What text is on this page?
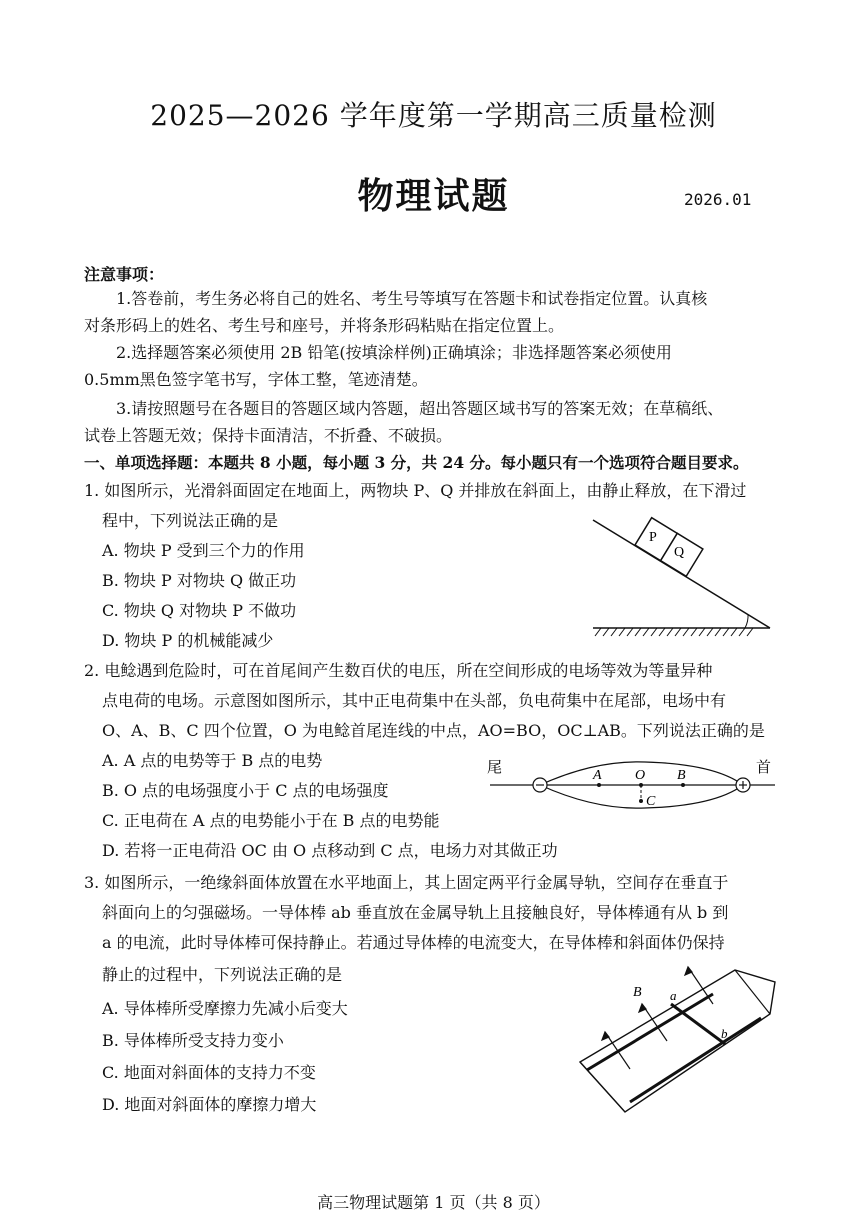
2025—2026 学年度第一学期高三质量检测
物理试题	2026.01
注意事项：
1.答卷前，考生务必将自己的姓名、考生号等填写在答题卡和试卷指定位置。认真核
对条形码上的姓名、考生号和座号，并将条形码粘贴在指定位置上。
2.选择题答案必须使用 2B 铅笔(按填涂样例)正确填涂；非选择题答案必须使用
0.5mm黑色签字笔书写，字体工整，笔迹清楚。
3.请按照题号在各题目的答题区域内答题，超出答题区域书写的答案无效；在草稿纸、
试卷上答题无效；保持卡面清洁，不折叠、不破损。
一、单项选择题：本题共 8 小题，每小题 3 分，共 24 分。每小题只有一个选项符合题目要求。
1. 如图所示，光滑斜面固定在地面上，两物块 P、Q 并排放在斜面上，由静止释放，在下滑过
程中，下列说法正确的是
A. 物块 P 受到三个力的作用
B. 物块 P 对物块 Q 做正功
C. 物块 Q 对物块 P 不做功
D. 物块 P 的机械能减少
P
Q
2. 电鲶遇到危险时，可在首尾间产生数百伏的电压，所在空间形成的电场等效为等量异种
点电荷的电场。示意图如图所示，其中正电荷集中在头部，负电荷集中在尾部，电场中有
O、A、B、C 四个位置，O 为电鲶首尾连线的中点，AO=BO，OC⊥AB。下列说法正确的是
A. A 点的电势等于 B 点的电势
B. O 点的电场强度小于 C 点的电场强度
C. 正电荷在 A 点的电势能小于在 B 点的电势能
D. 若将一正电荷沿 OC 由 O 点移动到 C 点，电场力对其做正功
尾	首
A O B
C
3. 如图所示，一绝缘斜面体放置在水平地面上，其上固定两平行金属导轨，空间存在垂直于
斜面向上的匀强磁场。一导体棒 ab 垂直放在金属导轨上且接触良好，导体棒通有从 b 到
a 的电流，此时导体棒可保持静止。若通过导体棒的电流变大，在导体棒和斜面体仍保持
静止的过程中，下列说法正确的是
A. 导体棒所受摩擦力先减小后变大
B. 导体棒所受支持力变小
C. 地面对斜面体的支持力不变
D. 地面对斜面体的摩擦力增大
B a
b
高三物理试题第 1 页（共 8 页）
